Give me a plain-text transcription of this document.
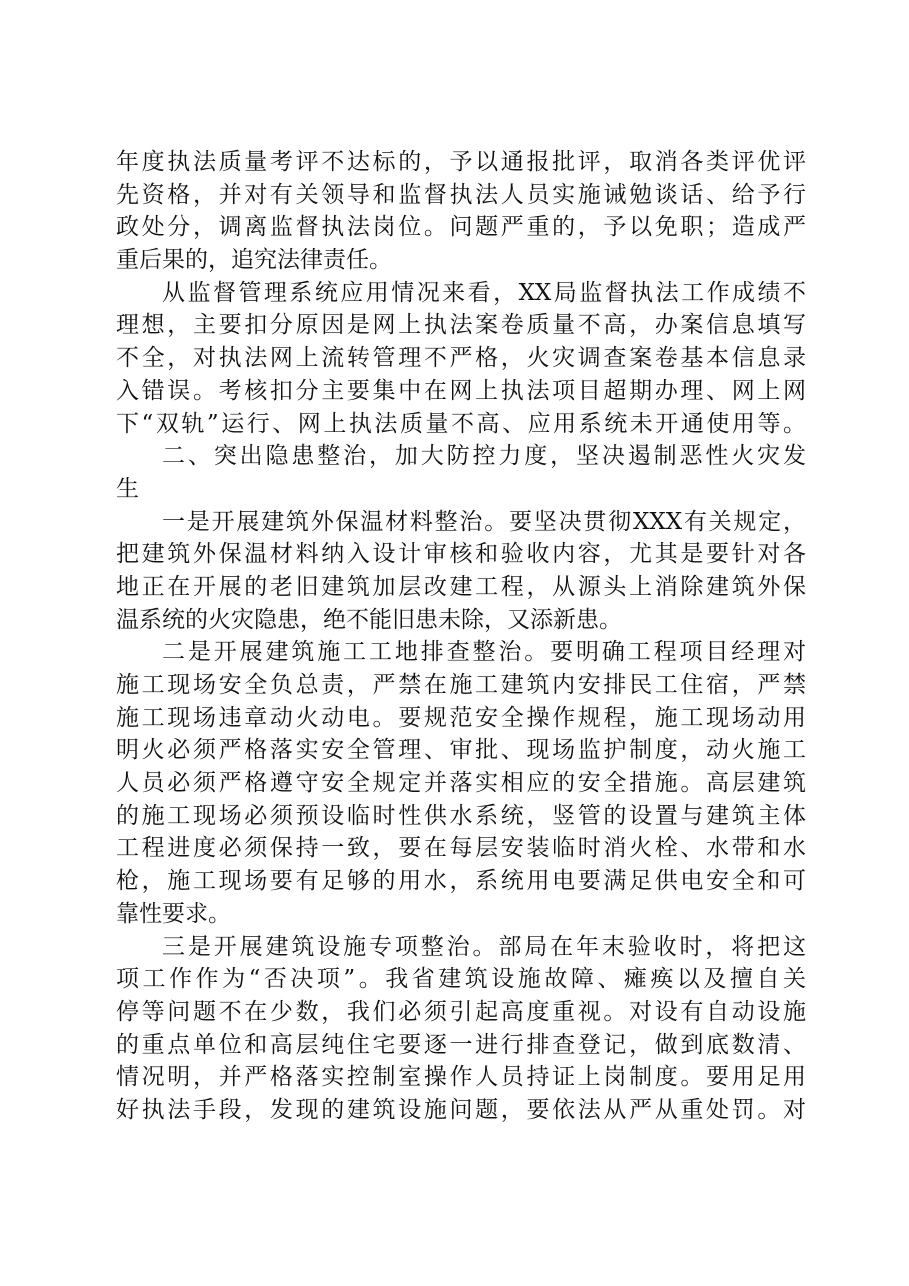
年度执法质量考评不达标的，予以通报批评，取消各类评优评
先资格，并对有关领导和监督执法人员实施诫勉谈话、给予行
政处分，调离监督执法岗位。问题严重的，予以免职；造成严
重后果的，追究法律责任。
从监督管理系统应用情况来看，XX局监督执法工作成绩不
理想，主要扣分原因是网上执法案卷质量不高，办案信息填写
不全，对执法网上流转管理不严格，火灾调查案卷基本信息录
入错误。考核扣分主要集中在网上执法项目超期办理、网上网
下“双轨”运行、网上执法质量不高、应用系统未开通使用等。
二、突出隐患整治，加大防控力度，坚决遏制恶性火灾发
生
一是开展建筑外保温材料整治。要坚决贯彻XXX有关规定，
把建筑外保温材料纳入设计审核和验收内容，尤其是要针对各
地正在开展的老旧建筑加层改建工程，从源头上消除建筑外保
温系统的火灾隐患，绝不能旧患未除，又添新患。
二是开展建筑施工工地排查整治。要明确工程项目经理对
施工现场安全负总责，严禁在施工建筑内安排民工住宿，严禁
施工现场违章动火动电。要规范安全操作规程，施工现场动用
明火必须严格落实安全管理、审批、现场监护制度，动火施工
人员必须严格遵守安全规定并落实相应的安全措施。高层建筑
的施工现场必须预设临时性供水系统，竖管的设置与建筑主体
工程进度必须保持一致，要在每层安装临时消火栓、水带和水
枪，施工现场要有足够的用水，系统用电要满足供电安全和可
靠性要求。
三是开展建筑设施专项整治。部局在年末验收时，将把这
项工作作为“否决项”。我省建筑设施故障、瘫痪以及擅自关
停等问题不在少数，我们必须引起高度重视。对设有自动设施
的重点单位和高层纯住宅要逐一进行排查登记，做到底数清、
情况明，并严格落实控制室操作人员持证上岗制度。要用足用
好执法手段，发现的建筑设施问题，要依法从严从重处罚。对
